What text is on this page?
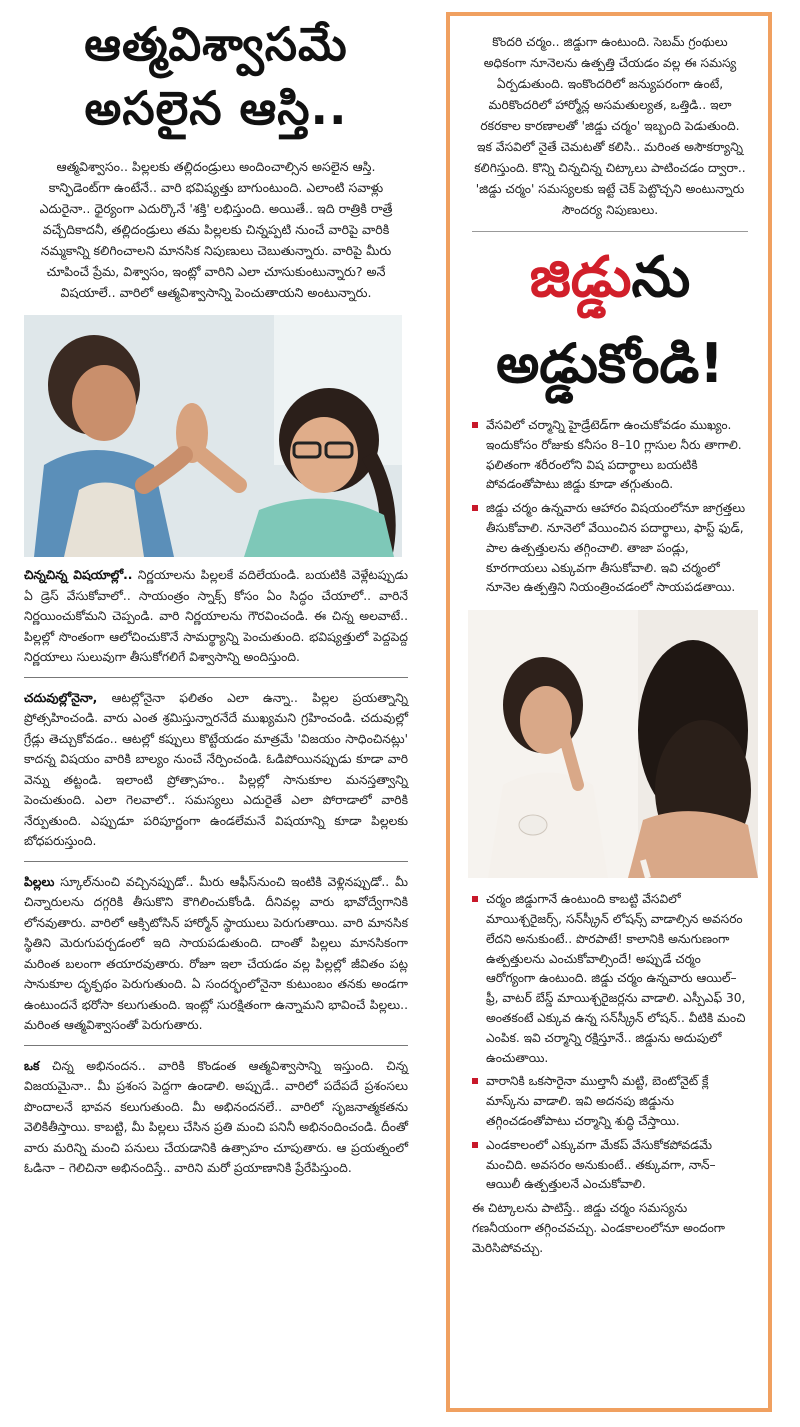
ఆత్మవిశ్వాసమే
అసలైన ఆస్తి..

ఆత్మవిశ్వాసం.. పిల్లలకు తల్లిదండ్రులు అందించాల్సిన అసలైన ఆస్తి. కాన్ఫిడెంట్‌గా ఉంటేనే.. వారి భవిష్యత్తు బాగుంటుంది. ఎలాంటి సవాళ్లు ఎదురైనా.. ధైర్యంగా ఎదుర్కొనే 'శక్తి' లభిస్తుంది. అయితే.. ఇది రాత్రికి రాత్రే వచ్చేదికాదనీ, తల్లిదండ్రులు తమ పిల్లలకు చిన్నప్పటి నుంచే వారిపై వారికి నమ్మకాన్ని కలిగించాలని మానసిక నిపుణులు చెబుతున్నారు. వారిపై మీరు చూపించే ప్రేమ, విశ్వాసం, ఇంట్లో వారిని ఎలా చూసుకుంటున్నారు? అనే విషయాలే.. వారిలో ఆత్మవిశ్వాసాన్ని పెంచుతాయని అంటున్నారు.

చిన్నచిన్న విషయాల్లో.. నిర్ణయాలను పిల్లలకే వదిలేయండి. బయటికి వెళ్లేటప్పుడు ఏ డ్రెస్ వేసుకోవాలో.. సాయంత్రం స్నాక్స్ కోసం ఏం సిద్ధం చేయాలో.. వారినే నిర్ణయించుకోమని చెప్పండి. వారి నిర్ణయాలను గౌరవించండి. ఈ చిన్న అలవాటే.. పిల్లల్లో సొంతంగా ఆలోచించుకొనే సామర్థ్యాన్ని పెంచుతుంది. భవిష్యత్తులో పెద్దపెద్ద నిర్ణయాలు సులువుగా తీసుకోగలిగే విశ్వాసాన్ని అందిస్తుంది.

చదువుల్లోనైనా, ఆటల్లోనైనా ఫలితం ఎలా ఉన్నా.. పిల్లల ప్రయత్నాన్ని ప్రోత్సహించండి. వారు ఎంత శ్రమిస్తున్నారనేదే ముఖ్యమని గ్రహించండి. చదువుల్లో గ్రేడ్లు తెచ్చుకోవడం.. ఆటల్లో కప్పులు కొట్టేయడం మాత్రమే 'విజయం సాధించినట్లు' కాదన్న విషయం వారికి బాల్యం నుంచే నేర్పించండి. ఓడిపోయినప్పుడు కూడా వారి వెన్ను తట్టండి. ఇలాంటి ప్రోత్సాహం.. పిల్లల్లో సానుకూల మనస్తత్వాన్ని పెంచుతుంది. ఎలా గెలవాలో.. సమస్యలు ఎదురైతే ఎలా పోరాడాలో వారికి నేర్పుతుంది. ఎప్పుడూ పరిపూర్ణంగా ఉండలేమనే విషయాన్ని కూడా పిల్లలకు బోధపరుస్తుంది.

పిల్లలు స్కూల్‌నుంచి వచ్చినప్పుడో.. మీరు ఆఫీస్‌నుంచి ఇంటికి వెళ్లినప్పుడో.. మీ చిన్నారులను దగ్గరికి తీసుకొని కౌగిలించుకోండి. దీనివల్ల వారు భావోద్వేగానికి లోనవుతారు. వారిలో ఆక్సిటోసిన్ హార్మోన్ స్థాయులు పెరుగుతాయి. వారి మానసిక స్థితిని మెరుగుపర్చడంలో ఇది సాయపడుతుంది. దాంతో పిల్లలు మానసికంగా మరింత బలంగా తయారవుతారు. రోజూ ఇలా చేయడం వల్ల పిల్లల్లో జీవితం పట్ల సానుకూల దృక్పథం పెరుగుతుంది. ఏ సందర్భంలోనైనా కుటుంబం తనకు అండగా ఉంటుందనే భరోసా కలుగుతుంది. ఇంట్లో సురక్షితంగా ఉన్నామని భావించే పిల్లలు.. మరింత ఆత్మవిశ్వాసంతో పెరుగుతారు.

ఒక చిన్న అభినందన.. వారికి కొండంత ఆత్మవిశ్వాసాన్ని ఇస్తుంది. చిన్న విజయమైనా.. మీ ప్రశంస పెద్దగా ఉండాలి. అప్పుడే.. వారిలో పదేపదే ప్రశంసలు పొందాలనే భావన కలుగుతుంది. మీ అభినందనలే.. వారిలో సృజనాత్మకతను వెలికితీస్తాయి. కాబట్టి, మీ పిల్లలు చేసిన ప్రతి మంచి పనినీ అభినందించండి. దీంతో వారు మరిన్ని మంచి పనులు చేయడానికి ఉత్సాహం చూపుతారు. ఆ ప్రయత్నంలో ఓడినా – గెలిచినా అభినందిస్తే.. వారిని మరో ప్రయాణానికి ప్రేరేపిస్తుంది.

కొందరి చర్మం.. జిడ్డుగా ఉంటుంది. సెబమ్ గ్రంథులు అధికంగా నూనెలను ఉత్పత్తి చేయడం వల్ల ఈ సమస్య ఏర్పడుతుంది. ఇంకొందరిలో జన్యుపరంగా ఉంటే, మరికొందరిలో హార్మోన్ల అసమతుల్యత, ఒత్తిడి.. ఇలా రకరకాల కారణాలతో 'జిడ్డు చర్మం' ఇబ్బంది పెడుతుంది. ఇక వేసవిలో నైతే చెమటతో కలిసి.. మరింత అసౌకర్యాన్ని కలిగిస్తుంది. కొన్ని చిన్నచిన్న చిట్కాలు పాటించడం ద్వారా.. 'జిడ్డు చర్మం' సమస్యలకు ఇట్టే చెక్ పెట్టొచ్చని అంటున్నారు సౌందర్య నిపుణులు.

జిడ్డును
అడ్డుకోండి!

వేసవిలో చర్మాన్ని హైడ్రేటెడ్‌గా ఉంచుకోవడం ముఖ్యం. ఇందుకోసం రోజుకు కనీసం 8–10 గ్లాసుల నీరు తాగాలి. ఫలితంగా శరీరంలోని విష పదార్థాలు బయటికి పోవడంతోపాటు జిడ్డు కూడా తగ్గుతుంది.

జిడ్డు చర్మం ఉన్నవారు ఆహారం విషయంలోనూ జాగ్రత్తలు తీసుకోవాలి. నూనెలో వేయించిన పదార్థాలు, ఫాస్ట్ ఫుడ్, పాల ఉత్పత్తులను తగ్గించాలి. తాజా పండ్లు, కూరగాయలు ఎక్కువగా తీసుకోవాలి. ఇవి చర్మంలో నూనెల ఉత్పత్తిని నియంత్రించడంలో సాయపడతాయి.

చర్మం జిడ్డుగానే ఉంటుంది కాబట్టి వేసవిలో మాయిశ్చరైజర్స్, సన్‌స్క్రీన్ లోషన్స్ వాడాల్సిన అవసరం లేదని అనుకుంటే.. పొరపాటే! కాలానికి అనుగుణంగా ఉత్పత్తులను ఎంచుకోవాల్సిందే! అప్పుడే చర్మం ఆరోగ్యంగా ఉంటుంది. జిడ్డు చర్మం ఉన్నవారు ఆయిల్–ఫ్రీ, వాటర్ బేస్డ్ మాయిశ్చరైజర్లను వాడాలి. ఎస్పీఎఫ్ 30, అంతకంటే ఎక్కువ ఉన్న సన్‌స్క్రీన్ లోషన్.. వీటికి మంచి ఎంపిక. ఇవి చర్మాన్ని రక్షిస్తూనే.. జిడ్డును అదుపులో ఉంచుతాయి.

వారానికి ఒకసారైనా ముల్తానీ మట్టి, బెంటోనైట్ క్లే మాస్క్‌ను వాడాలి. ఇవి అదనపు జిడ్డును తగ్గించడంతోపాటు చర్మాన్ని శుద్ధి చేస్తాయి.

ఎండకాలంలో ఎక్కువగా మేకప్ వేసుకోకపోవడమే మంచిది. అవసరం అనుకుంటే.. తక్కువగా, నాన్–ఆయిలీ ఉత్పత్తులనే ఎంచుకోవాలి.

ఈ చిట్కాలను పాటిస్తే.. జిడ్డు చర్మం సమస్యను గణనీయంగా తగ్గించవచ్చు. ఎండకాలంలోనూ అందంగా మెరిసిపోవచ్చు.
